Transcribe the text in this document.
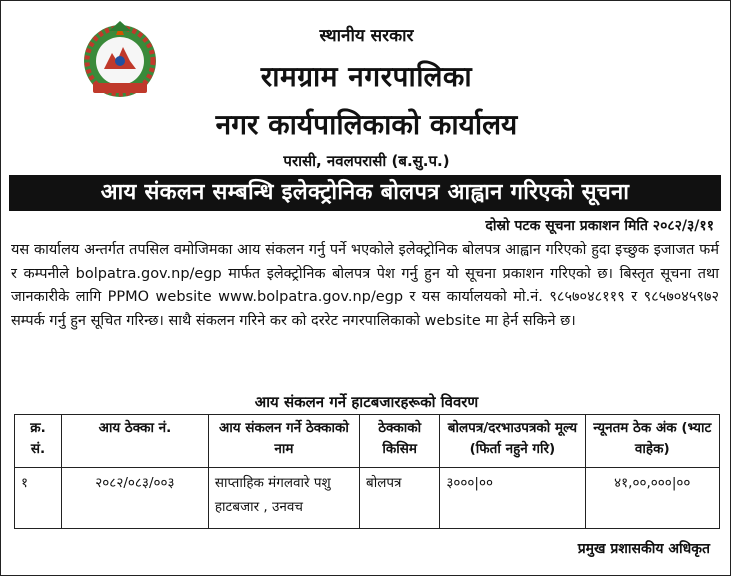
स्थानीय सरकार
रामग्राम नगरपालिका
नगर कार्यपालिकाको कार्यालय
परासी, नवलपरासी (ब.सु.प.)
आय संकलन सम्बन्धि इलेक्ट्रोनिक बोलपत्र आह्वान गरिएको सूचना
दोस्रो पटक सूचना प्रकाशन मिति २०८२/३/११
यस कार्यालय अन्तर्गत तपसिल वमोजिमका आय संकलन गर्नु पर्ने भएकोले इलेक्ट्रोनिक बोलपत्र आह्वान गरिएको हुदा इच्छुक इजाजत फर्म र कम्पनीले bolpatra.gov.np/egp मार्फत इलेक्ट्रोनिक बोलपत्र पेश गर्नु हुन यो सूचना प्रकाशन गरिएको छ। बिस्तृत सूचना तथा जानकारीके लागि PPMO website www.bolpatra.gov.np/egp र यस कार्यालयको मो.नं. ९८५७०४८११९ र ९८५७०४५९७२ सम्पर्क गर्नु हुन सूचित गरिन्छ। साथै संकलन गरिने कर को दररेट नगरपालिकाको website मा हेर्न सकिने छ।
आय संकलन गर्ने हाटबजारहरूको विवरण
क्र. सं.	आय ठेक्का नं.	आय संकलन गर्ने ठेक्काको नाम	ठेक्काको किसिम	बोलपत्र/दरभाउपत्रको मूल्य (फिर्ता नहुने गरि)	न्यूनतम ठेक अंक (भ्याट वाहेक)
१	२०८२/०८३/००३	साप्ताहिक मंगलवारे पशु हाटबजार , उनवच	बोलपत्र	३०००|००	४१,००,०००|००
प्रमुख प्रशासकीय अधिकृत
